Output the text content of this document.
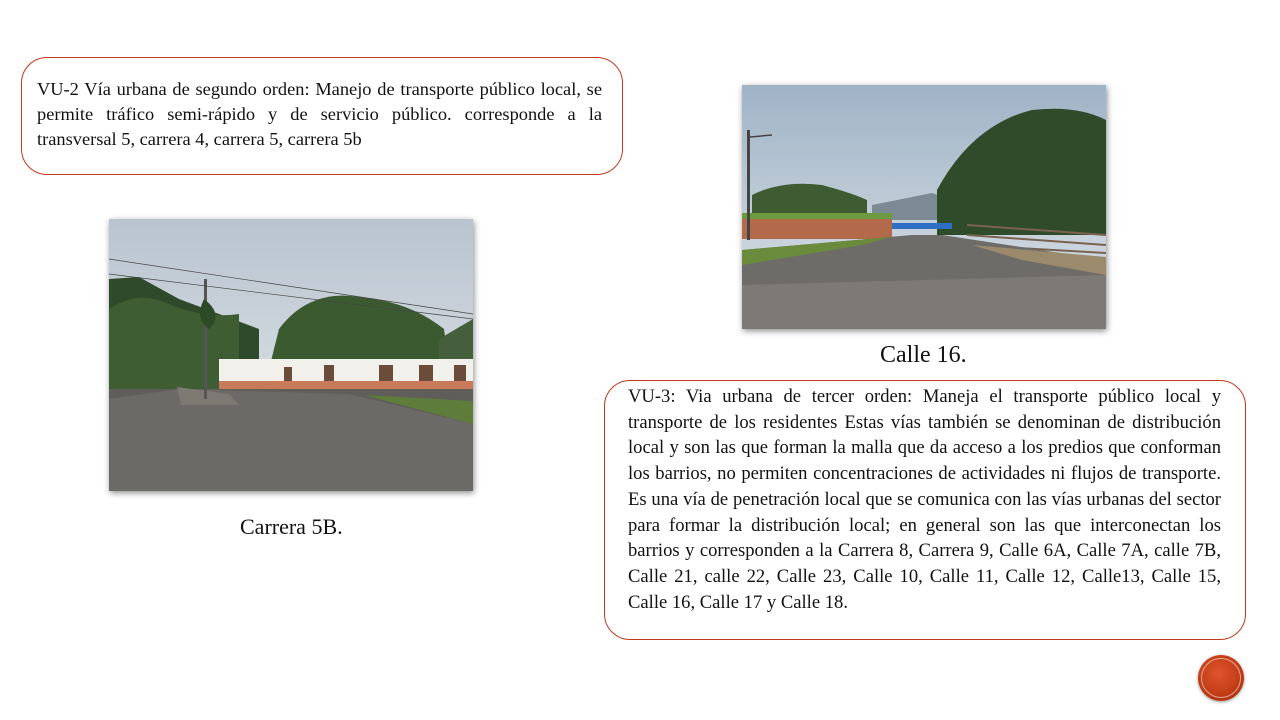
VU-2 Vía urbana de segundo orden: Manejo de transporte público local, se permite tráfico semi-rápido y de servicio público. corresponde a la transversal 5, carrera 4, carrera 5, carrera 5b
Carrera 5B.
Calle 16.
VU-3: Via urbana de tercer orden: Maneja el transporte público local y transporte de los residentes Estas vías también se denominan de distribución local y son las que forman la malla que da acceso a los predios que conforman los barrios, no permiten concentraciones de actividades ni flujos de transporte. Es una vía de penetración local que se comunica con las vías urbanas del sector para formar la distribución local; en general son las que interconectan los barrios y corresponden a la Carrera 8, Carrera 9, Calle 6A, Calle 7A, calle 7B, Calle 21, calle 22, Calle 23, Calle 10, Calle 11, Calle 12, Calle13, Calle 15, Calle 16, Calle 17 y Calle 18.
